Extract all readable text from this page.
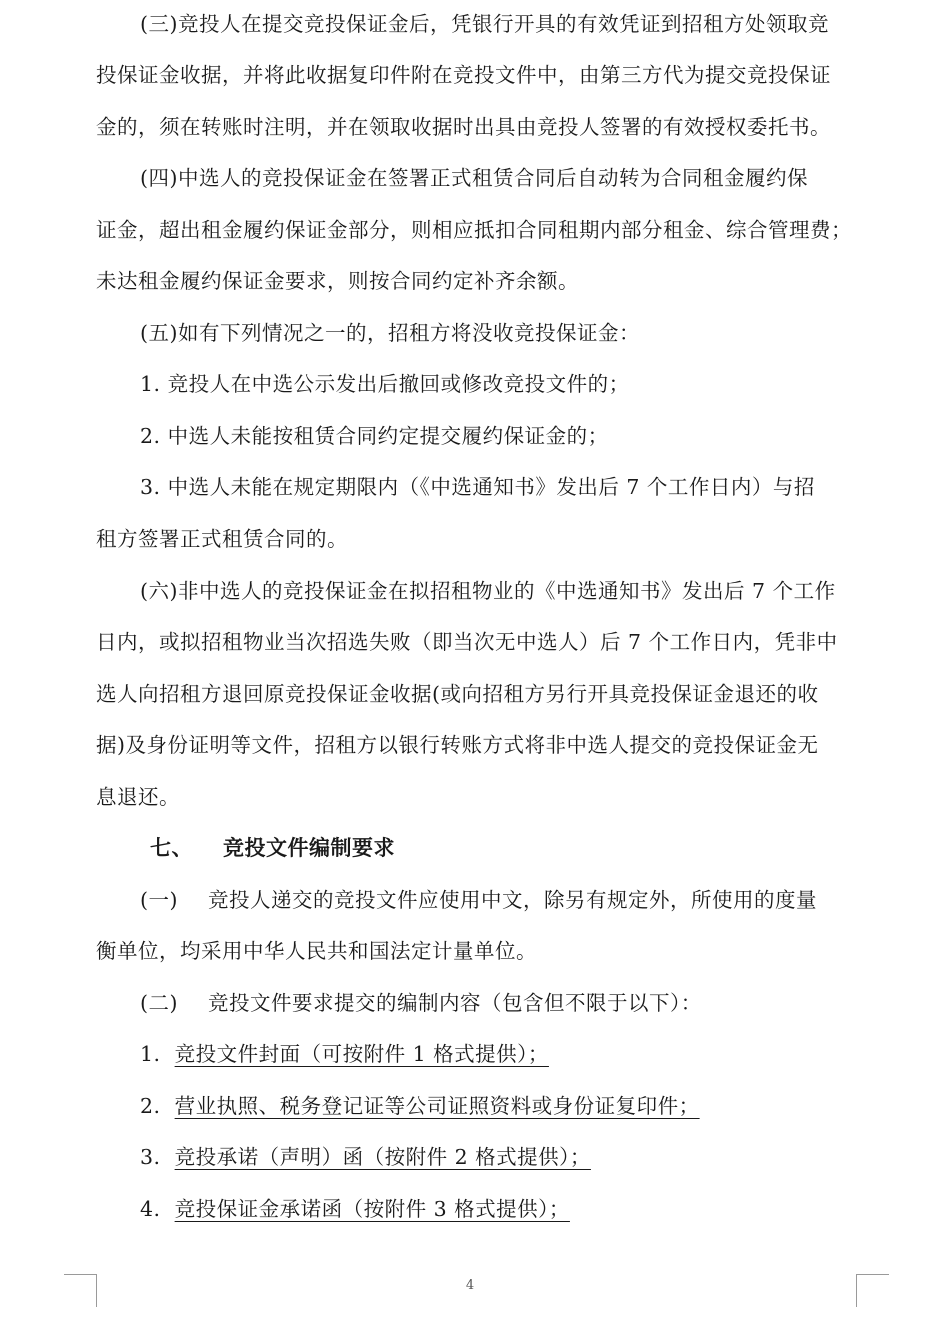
(三)竞投人在提交竞投保证金后，凭银行开具的有效凭证到招租方处领取竞
投保证金收据，并将此收据复印件附在竞投文件中，由第三方代为提交竞投保证
金的，须在转账时注明，并在领取收据时出具由竞投人签署的有效授权委托书。
(四)中选人的竞投保证金在签署正式租赁合同后自动转为合同租金履约保
证金，超出租金履约保证金部分，则相应抵扣合同租期内部分租金、综合管理费；
未达租金履约保证金要求，则按合同约定补齐余额。
(五)如有下列情况之一的，招租方将没收竞投保证金：
1. 竞投人在中选公示发出后撤回或修改竞投文件的；
2. 中选人未能按租赁合同约定提交履约保证金的；
3. 中选人未能在规定期限内（《中选通知书》发出后 7 个工作日内）与招
租方签署正式租赁合同的。
(六)非中选人的竞投保证金在拟招租物业的《中选通知书》发出后 7 个工作
日内，或拟招租物业当次招选失败（即当次无中选人）后 7 个工作日内，凭非中
选人向招租方退回原竞投保证金收据(或向招租方另行开具竞投保证金退还的收
据)及身份证明等文件，招租方以银行转账方式将非中选人提交的竞投保证金无
息退还。
七、 竞投文件编制要求
(一) 竞投人递交的竞投文件应使用中文，除另有规定外，所使用的度量
衡单位，均采用中华人民共和国法定计量单位。
(二) 竞投文件要求提交的编制内容（包含但不限于以下）：
1. 竞投文件封面（可按附件 1 格式提供）；
2. 营业执照、税务登记证等公司证照资料或身份证复印件；
3. 竞投承诺（声明）函（按附件 2 格式提供）；
4. 竞投保证金承诺函（按附件 3 格式提供）；
4
